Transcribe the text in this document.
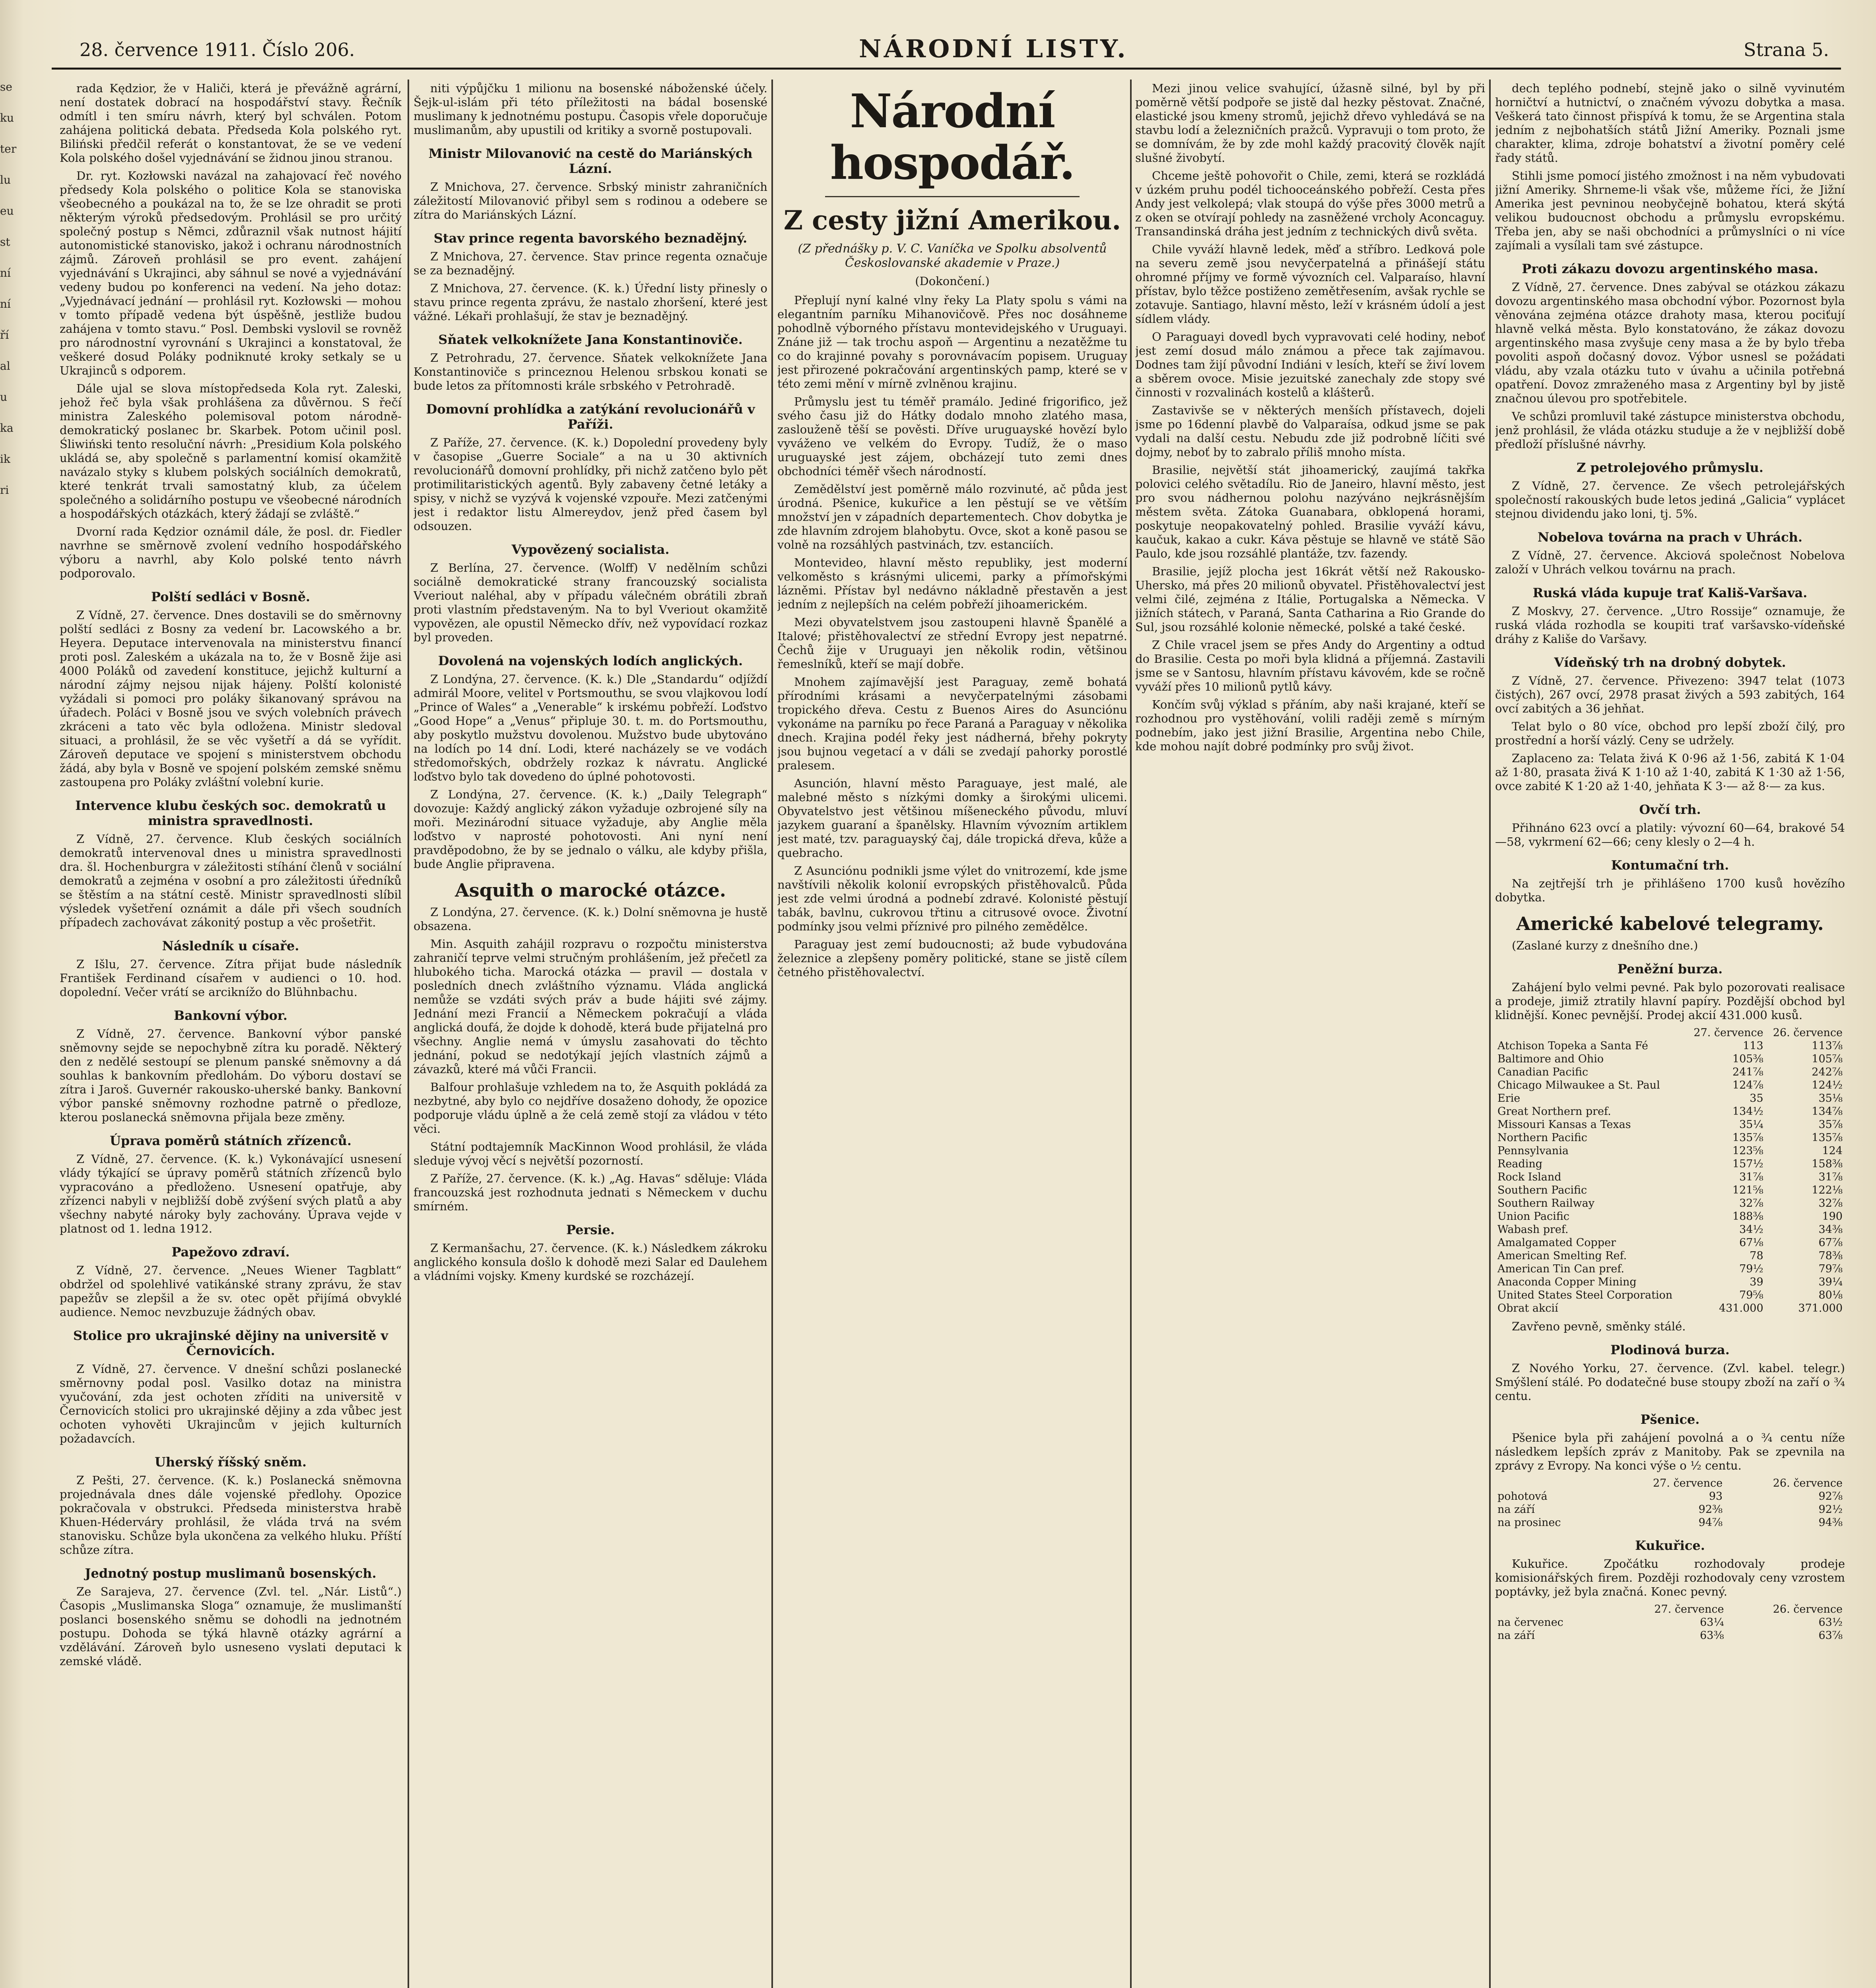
se
ku
ter
lu
eu
st
ní
ní
ří
al
u
ka
ik
ri
28. července 1911. Číslo 206.	NÁRODNÍ LISTY.	Strana 5.

rada Kędzior, že v Haliči, která je převážně agrární, není dostatek dobrací na hospodářství stavy. Řečník odmítl i ten smíru návrh, který byl schválen. Potom zahájena politická debata. Předseda Kola polského ryt. Biliński předčil referát o konstantovat, že se ve vedení Kola polského došel vyjednávání se židnou jinou stranou.

Dr. ryt. Kozłowski navázal na zahajovací řeč nového předsedy Kola polského o politice Kola se stanoviska všeobecného a poukázal na to, že se lze ohradit se proti některým výroků předsedovým. Prohlásil se pro určitý společný postup s Němci, zdůraznil však nutnost hájití autonomistické stanovisko, jakož i ochranu národnostních zájmů. Zároveň prohlásil se pro event. zahájení vyjednávání s Ukrajinci, aby sáhnul se nové a vyjednávání vedeny budou po konferenci na vedení. Na jeho dotaz: „Vyjednávací jednání — prohlásil ryt. Kozłowski — mohou v tomto případě vedena být úspěšně, jestliže budou zahájena v tomto stavu.“ Posl. Dembski vyslovil se rovněž pro národnostní vyrovnání s Ukrajinci a konstatoval, že veškeré dosud Poláky podniknuté kroky setkaly se u Ukrajinců s odporem.

Dále ujal se slova místopředseda Kola ryt. Zaleski, jehož řeč byla však prohlášena za důvěrnou. S řečí ministra Zaleského polemisoval potom národně-demokratický poslanec br. Skarbek. Potom učinil posl. Śliwiński tento resoluční návrh: „Presidium Kola polského ukládá se, aby společně s parlamentní komisí okamžitě navázalo styky s klubem polských sociálních demokratů, které tenkrát trvali samostatný klub, za účelem společného a solidárního postupu ve všeobecné národních a hospodářských otázkách, který žádají se zvláště.“

Dvorní rada Kędzior oznámil dále, že posl. dr. Fiedler navrhne se směrnově zvolení vedního hospodářského výboru a navrhl, aby Kolo polské tento návrh podporovalo.

Polští sedláci v Bosně.

Z Vídně, 27. července. Dnes dostavili se do směrnovny polští sedláci z Bosny za vedení br. Lacowského a br. Heyera. Deputace intervenovala na ministerstvu financí proti posl. Zaleském a ukázala na to, že v Bosně žije asi 4000 Poláků od zavedení konstituce, jejichž kulturní a národní zájmy nejsou nijak hájeny. Polští kolonisté vyžádali si pomoci pro poláky šikanovaný správou na úřadech. Poláci v Bosně jsou ve svých volebních právech zkráceni a tato věc byla odložena. Ministr sledoval situaci, a prohlásil, že se věc vyšetří a dá se vyřídit. Zároveň deputace ve spojení s ministerstvem obchodu žádá, aby byla v Bosně ve spojení polském zemské sněmu zastoupena pro Poláky zvláštní volební kurie.

Intervence klubu českých soc. demokratů u ministra spravedlnosti.

Z Vídně, 27. července. Klub českých sociálních demokratů intervenoval dnes u ministra spravedlnosti dra. šl. Hochenburgra v záležitosti stíhání členů v sociální demokratů a zejména v osobní a pro záležitosti úředníků se štěstím a na státní cestě. Ministr spravedlnosti slíbil výsledek vyšetření oznámit a dále při všech soudních případech zachovávat zákonitý postup a věc prošetřit.

Následník u císaře.

Z Išlu, 27. července. Zítra přijat bude následník František Ferdinand císařem v audienci o 10. hod. dopolední. Večer vrátí se arciknížo do Blühnbachu.

Bankovní výbor.

Z Vídně, 27. července. Bankovní výbor panské sněmovny sejde se nepochybně zítra ku poradě. Některý den z nedělé sestoupí se plenum panské sněmovny a dá souhlas k bankovním předlohám. Do výboru dostaví se zítra i Jaroš. Guvernér rakousko-uherské banky. Bankovní výbor panské sněmovny rozhodne patrně o předloze, kterou poslanecká sněmovna přijala beze změny.

Úprava poměrů státních zřízenců.

Z Vídně, 27. července. (K. k.) Vykonávající usnesení vlády týkající se úpravy poměrů státních zřízenců bylo vypracováno a předloženo. Usnesení opatřuje, aby zřízenci nabyli v nejbližší době zvýšení svých platů a aby všechny nabyté nároky byly zachovány. Úprava vejde v platnost od 1. ledna 1912.

Papežovo zdraví.

Z Vídně, 27. července. „Neues Wiener Tagblatt“ obdržel od spolehlivé vatikánské strany zprávu, že stav papežův se zlepšil a že sv. otec opět přijímá obvyklé audience. Nemoc nevzbuzuje žádných obav.

Stolice pro ukrajinské dějiny na universitě v Černovicích.

Z Vídně, 27. července. V dnešní schůzi poslanecké směrnovny podal posl. Vasilko dotaz na ministra vyučování, zda jest ochoten zříditi na universitě v Černovicích stolici pro ukrajinské dějiny a zda vůbec jest ochoten vyhověti Ukrajincům v jejich kulturních požadavcích.

Uherský říšský sněm.

Z Pešti, 27. července. (K. k.) Poslanecká sněmovna projednávala dnes dále vojenské předlohy. Opozice pokračovala v obstrukci. Předseda ministerstva hrabě Khuen-Héderváry prohlásil, že vláda trvá na svém stanovisku. Schůze byla ukončena za velkého hluku. Příští schůze zítra.

Jednotný postup muslimanů bosenských.

Ze Sarajeva, 27. července (Zvl. tel. „Nár. Listů“.) Časopis „Muslimanska Sloga“ oznamuje, že muslimanští poslanci bosenského sněmu se dohodli na jednotném postupu. Dohoda se týká hlavně otázky agrární a vzdělávání. Zároveň bylo usneseno vyslati deputaci k zemské vládě.

niti výpůjčku 1 milionu na bosenské náboženské účely. Šejk-ul-islám při této příležitosti na bádal bosenské muslimany k jednotnému postupu. Časopis vřele doporučuje muslimanům, aby upustili od kritiky a svorně postupovali.

Ministr Milovanović na cestě do Mariánských Lázní.

Z Mnichova, 27. července. Srbský ministr zahraničních záležitostí Milovanović přibyl sem s rodinou a odebere se zítra do Mariánských Lázní.

Stav prince regenta bavorského beznadějný.

Z Mnichova, 27. července. Stav prince regenta označuje se za beznadějný.

Z Mnichova, 27. července. (K. k.) Úřední listy přinesly o stavu prince regenta zprávu, že nastalo zhoršení, které jest vážné. Lékaři prohlašují, že stav je beznadějný.

Sňatek velkoknížete Jana Konstantinoviče.

Z Petrohradu, 27. července. Sňatek velkoknížete Jana Konstantinoviče s princeznou Helenou srbskou konati se bude letos za přítomnosti krále srbského v Petrohradě.

Domovní prohlídka a zatýkání revolucionářů v Paříži.

Z Paříže, 27. července. (K. k.) Dopolední provedeny byly v časopise „Guerre Sociale“ a na u 30 aktivních revolucionářů domovní prohlídky, při nichž zatčeno bylo pět protimilitaristických agentů. Byly zabaveny četné letáky a spisy, v nichž se vyzývá k vojenské vzpouře. Mezi zatčenými jest i redaktor listu Almereydov, jenž před časem byl odsouzen.

Vypovězený socialista.

Z Berlína, 27. července. (Wolff) V nedělním schůzi sociálně demokratické strany francouzský socialista Vveriout naléhal, aby v případu válečném obrátili zbraň proti vlastním představeným. Na to byl Vveriout okamžitě vypovězen, ale opustil Německo dřív, než vypovídací rozkaz byl proveden.

Dovolená na vojenských lodích anglických.

Z Londýna, 27. července. (K. k.) Dle „Standardu“ odjíždí admirál Moore, velitel v Portsmouthu, se svou vlajkovou lodí „Prince of Wales“ a „Venerable“ k irskému pobřeží. Loďstvo „Good Hope“ a „Venus“ připluje 30. t. m. do Portsmouthu, aby poskytlo mužstvu dovolenou. Mužstvo bude ubytováno na lodích po 14 dní. Lodi, které nacházely se ve vodách středomořských, obdržely rozkaz k návratu. Anglické loďstvo bylo tak dovedeno do úplné pohotovosti.

Z Londýna, 27. července. (K. k.) „Daily Telegraph“ dovozuje: Každý anglický zákon vyžaduje ozbrojené síly na moři. Mezinárodní situace vyžaduje, aby Anglie měla loďstvo v naprosté pohotovosti. Ani nyní není pravděpodobno, že by se jednalo o válku, ale kdyby přišla, bude Anglie připravena.

Asquith o marocké otázce.

Z Londýna, 27. července. (K. k.) Dolní sněmovna je hustě obsazena.

Min. Asquith zahájil rozpravu o rozpočtu ministerstva zahraničí teprve velmi stručným prohlášením, jež přečetl za hlubokého ticha. Marocká otázka — pravil — dostala v posledních dnech zvláštního významu. Vláda anglická nemůže se vzdáti svých práv a bude hájiti své zájmy. Jednání mezi Francií a Německem pokračují a vláda anglická doufá, že dojde k dohodě, která bude přijatelná pro všechny. Anglie nemá v úmyslu zasahovati do těchto jednání, pokud se nedotýkají jejích vlastních zájmů a závazků, které má vůči Francii.

Balfour prohlašuje vzhledem na to, že Asquith pokládá za nezbytné, aby bylo co nejdříve dosaženo dohody, že opozice podporuje vládu úplně a že celá země stojí za vládou v této věci.

Státní podtajemník MacKinnon Wood prohlásil, že vláda sleduje vývoj věcí s největší pozorností.

Z Paříže, 27. července. (K. k.) „Ag. Havas“ sděluje: Vláda francouzská jest rozhodnuta jednati s Německem v duchu smírném.

Persie.

Z Kermanšachu, 27. července. (K. k.) Následkem zákroku anglického konsula došlo k dohodě mezi Salar ed Daulehem a vládními vojsky. Kmeny kurdské se rozcházejí.

Národní hospodář.
Z cesty jižní Amerikou.
(Z přednášky p. V. C. Vaníčka ve Spolku absolventů Českoslovanské akademie v Praze.)
(Dokončení.)

Přeplují nyní kalné vlny řeky La Platy spolu s vámi na elegantním parníku Mihanovičově. Přes noc dosáhneme pohodlně výborného přístavu montevidejského v Uruguayi. Znáne již — tak trochu aspoň — Argentinu a nezatěžme tu co do krajinné povahy s porovnávacím popisem. Uruguay jest přirozené pokračování argentinských pamp, které se v této zemi mění v mírně zvlněnou krajinu.

Průmyslu jest tu téměř pramálo. Jediné frigorifico, jež svého času již do Hátky dodalo mnoho zlatého masa, zaslouženě těší se pověsti. Dříve uruguayské hovězí bylo vyváženo ve velkém do Evropy. Tudíž, že o maso uruguayské jest zájem, obcházejí tuto zemi dnes obchodníci téměř všech národností.

Zemědělství jest poměrně málo rozvinuté, ač půda jest úrodná. Pšenice, kukuřice a len pěstují se ve větším množství jen v západních departementech. Chov dobytka je zde hlavním zdrojem blahobytu. Ovce, skot a koně pasou se volně na rozsáhlých pastvinách, tzv. estanciích.

Montevideo, hlavní město republiky, jest moderní velkoměsto s krásnými ulicemi, parky a přímořskými lázněmi. Přístav byl nedávno nákladně přestavěn a jest jedním z nejlepších na celém pobřeží jihoamerickém.

Mezi obyvatelstvem jsou zastoupeni hlavně Španělé a Italové; přistěhovalectví ze střední Evropy jest nepatrné. Čechů žije v Uruguayi jen několik rodin, většinou řemeslníků, kteří se mají dobře.

Mnohem zajímavější jest Paraguay, země bohatá přírodními krásami a nevyčerpatelnými zásobami tropického dřeva. Cestu z Buenos Aires do Asunciónu vykonáme na parníku po řece Paraná a Paraguay v několika dnech. Krajina podél řeky jest nádherná, břehy pokryty jsou bujnou vegetací a v dáli se zvedají pahorky porostlé pralesem.

Asunción, hlavní město Paraguaye, jest malé, ale malebné město s nízkými domky a širokými ulicemi. Obyvatelstvo jest většinou míšeneckého původu, mluví jazykem guaraní a španělsky. Hlavním vývozním artiklem jest maté, tzv. paraguayský čaj, dále tropická dřeva, kůže a quebracho.

Z Asunciónu podnikli jsme výlet do vnitrozemí, kde jsme navštívili několik kolonií evropských přistěhovalců. Půda jest zde velmi úrodná a podnebí zdravé. Kolonisté pěstují tabák, bavlnu, cukrovou třtinu a citrusové ovoce. Životní podmínky jsou velmi příznivé pro pilného zemědělce.

Paraguay jest zemí budoucnosti; až bude vybudována železnice a zlepšeny poměry politické, stane se jistě cílem četného přistěhovalectví.

Mezi jinou velice svahující, úžasně silné, byl by při poměrně větší podpoře se jistě dal hezky pěstovat. Značné, elastické jsou kmeny stromů, jejichž dřevo vyhledává se na stavbu lodí a železničních pražců. Vypravuji o tom proto, že se domnívám, že by zde mohl každý pracovitý člověk najít slušné živobytí.

Chceme ještě pohovořit o Chile, zemi, která se rozkládá v úzkém pruhu podél tichooceánského pobřeží. Cesta přes Andy jest velkolepá; vlak stoupá do výše přes 3000 metrů a z oken se otvírají pohledy na zasněžené vrcholy Aconcaguy. Transandinská dráha jest jedním z technických divů světa.

Chile vyváží hlavně ledek, měď a stříbro. Ledková pole na severu země jsou nevyčerpatelná a přinášejí státu ohromné příjmy ve formě vývozních cel. Valparaíso, hlavní přístav, bylo těžce postiženo zemětřesením, avšak rychle se zotavuje. Santiago, hlavní město, leží v krásném údolí a jest sídlem vlády.

O Paraguayi dovedl bych vypravovati celé hodiny, neboť jest zemí dosud málo známou a přece tak zajímavou. Dodnes tam žijí původní Indiáni v lesích, kteří se živí lovem a sběrem ovoce. Misie jezuitské zanechaly zde stopy své činnosti v rozvalinách kostelů a klášterů.

Zastavivše se v některých menších přístavech, dojeli jsme po 16denní plavbě do Valparaísa, odkud jsme se pak vydali na další cestu. Nebudu zde již podrobně líčiti své dojmy, neboť by to zabralo příliš mnoho místa.

Brasilie, největší stát jihoamerický, zaujímá takřka polovici celého světadílu. Rio de Janeiro, hlavní město, jest pro svou nádhernou polohu nazýváno nejkrásnějším městem světa. Zátoka Guanabara, obklopená horami, poskytuje neopakovatelný pohled. Brasilie vyváží kávu, kaučuk, kakao a cukr. Káva pěstuje se hlavně ve státě São Paulo, kde jsou rozsáhlé plantáže, tzv. fazendy.

Brasilie, jejíž plocha jest 16krát větší než Rakousko-Uhersko, má přes 20 milionů obyvatel. Přistěhovalectví jest velmi čilé, zejména z Itálie, Portugalska a Německa. V jižních státech, v Paraná, Santa Catharina a Rio Grande do Sul, jsou rozsáhlé kolonie německé, polské a také české.

Z Chile vracel jsem se přes Andy do Argentiny a odtud do Brasilie. Cesta po moři byla klidná a příjemná. Zastavili jsme se v Santosu, hlavním přístavu kávovém, kde se ročně vyváží přes 10 milionů pytlů kávy.

Končím svůj výklad s přáním, aby naši krajané, kteří se rozhodnou pro vystěhování, volili raději země s mírným podnebím, jako jest jižní Brasilie, Argentina nebo Chile, kde mohou najít dobré podmínky pro svůj život.

dech teplého podnebí, stejně jako o silně vyvinutém horničtví a hutnictví, o značném vývozu dobytka a masa. Veškerá tato činnost přispívá k tomu, že se Argentina stala jedním z nejbohatších států Jižní Ameriky. Poznali jsme charakter, klima, zdroje bohatství a životní poměry celé řady států.

Stihli jsme pomocí jistého zmožnost i na něm vybudovati jižní Ameriky. Shrneme-li však vše, můžeme říci, že Jižní Amerika jest pevninou neobyčejně bohatou, která skýtá velikou budoucnost obchodu a průmyslu evropskému. Třeba jen, aby se naši obchodníci a průmyslníci o ni více zajímali a vysílali tam své zástupce.

Proti zákazu dovozu argentinského masa.

Z Vídně, 27. července. Dnes zabýval se otázkou zákazu dovozu argentinského masa obchodní výbor. Pozornost byla věnována zejména otázce drahoty masa, kterou pociťují hlavně velká města. Bylo konstatováno, že zákaz dovozu argentinského masa zvyšuje ceny masa a že by bylo třeba povoliti aspoň dočasný dovoz. Výbor usnesl se požádati vládu, aby vzala otázku tuto v úvahu a učinila potřebná opatření. Dovoz zmraženého masa z Argentiny byl by jistě značnou úlevou pro spotřebitele.

Ve schůzi promluvil také zástupce ministerstva obchodu, jenž prohlásil, že vláda otázku studuje a že v nejbližší době předloží příslušné návrhy.

Z petrolejového průmyslu.

Z Vídně, 27. července. Ze všech petrolejářských společností rakouských bude letos jediná „Galicia“ vyplácet stejnou dividendu jako loni, tj. 5%.

Nobelova továrna na prach v Uhrách.

Z Vídně, 27. července. Akciová společnost Nobelova založí v Uhrách velkou továrnu na prach.

Ruská vláda kupuje trať Kališ-Varšava.

Z Moskvy, 27. července. „Utro Rossije“ oznamuje, že ruská vláda rozhodla se koupiti trať varšavsko-vídeňské dráhy z Kališe do Varšavy.

Vídeňský trh na drobný dobytek.

Z Vídně, 27. července. Přivezeno: 3947 telat (1073 čistých), 267 ovcí, 2978 prasat živých a 593 zabitých, 164 ovcí zabitých a 36 jehňat.

Telat bylo o 80 více, obchod pro lepší zboží čilý, pro prostřední a horší vázlý. Ceny se udržely.

Zaplaceno za: Telata živá K 0·96 až 1·56, zabitá K 1·04 až 1·80, prasata živá K 1·10 až 1·40, zabitá K 1·30 až 1·56, ovce zabité K 1·20 až 1·40, jehňata K 3·— až 8·— za kus.

Ovčí trh.

Přihnáno 623 ovcí a platily: vývozní 60—64, brakové 54—58, vykrmení 62—66; ceny klesly o 2—4 h.

Kontumační trh.

Na zejtřejší trh je přihlášeno 1700 kusů hovězího dobytka.

Americké kabelové telegramy.

(Zaslané kurzy z dnešního dne.)

Peněžní burza.

Zahájení bylo velmi pevné. Pak bylo pozorovati realisace a prodeje, jimiž ztratily hlavní papíry. Pozdější obchod byl klidnější. Konec pevnější. Prodej akcií 431.000 kusů.

	27. července	26. července
Atchison Topeka a Santa Fé	113	113⅞
Baltimore and Ohio	105⅜	105⅞
Canadian Pacific	241⅞	242⅞
Chicago Milwaukee a St. Paul	124⅞	124½
Erie	35	35⅛
Great Northern pref.	134½	134⅞
Missouri Kansas a Texas	35¼	35⅞
Northern Pacific	135⅞	135⅞
Pennsylvania	123⅝	124
Reading	157½	158⅜
Rock Island	31⅞	31⅞
Southern Pacific	121⅝	122⅛
Southern Railway	32⅞	32⅞
Union Pacific	188⅜	190
Wabash pref.	34½	34⅜
Amalgamated Copper	67⅛	67⅞
American Smelting Ref.	78	78⅜
American Tin Can pref.	79½	79⅞
Anaconda Copper Mining	39	39¼
United States Steel Corporation	79⅝	80⅛
Obrat akcií	431.000	371.000

Zavřeno pevně, směnky stálé.

Plodinová burza.

Z Nového Yorku, 27. července. (Zvl. kabel. telegr.) Smýšlení stálé. Po dodatečné buse stoupy zboží na zaří o ¾ centu.

Pšenice.

Pšenice byla při zahájení povolná a o ¾ centu níže následkem lepších zpráv z Manitoby. Pak se zpevnila na zprávy z Evropy. Na konci výše o ½ centu.

	27. července	26. července
pohotová	93	92⅞
na září	92⅜	92½
na prosinec	94⅞	94⅜
Kukuřice.

Kukuřice. Zpočátku rozhodovaly prodeje komisionářských firem. Později rozhodovaly ceny vzrostem poptávky, jež byla značná. Konec pevný.

	27. července	26. července
na červenec	63¼	63½
na září	63⅜	63⅞
